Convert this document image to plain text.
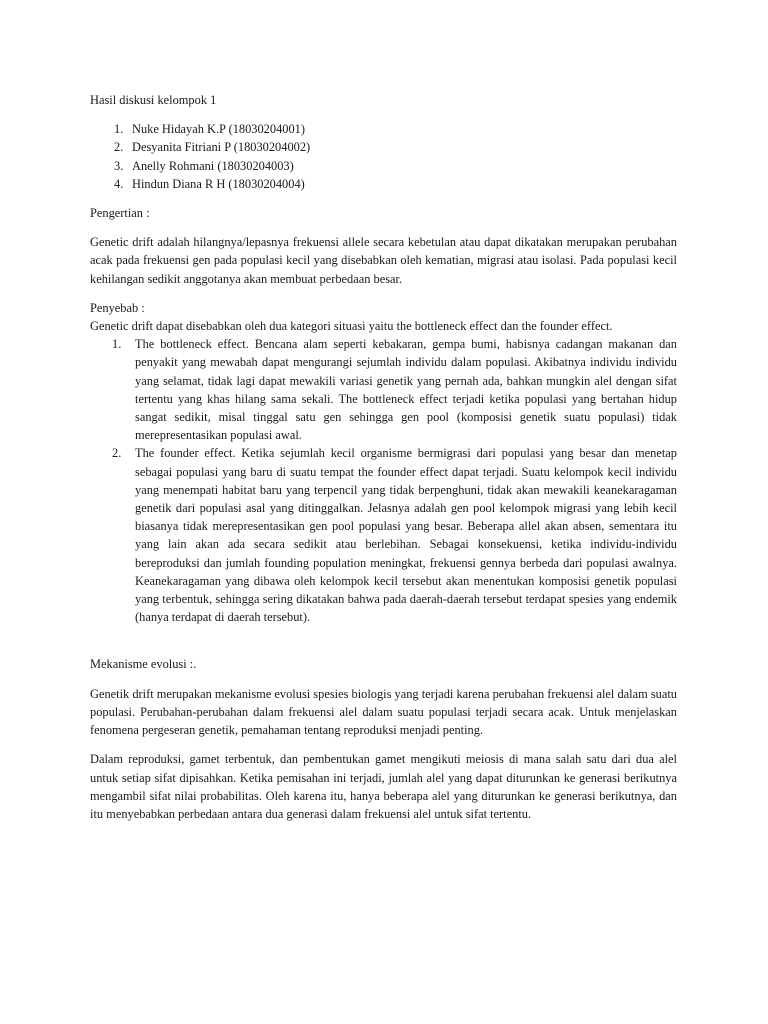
Hasil diskusi kelompok 1

1. Nuke Hidayah K.P (18030204001)
2. Desyanita Fitriani P (18030204002)
3. Anelly Rohmani (18030204003)
4. Hindun Diana R H (18030204004)

Pengertian :

Genetic drift adalah hilangnya/lepasnya frekuensi allele secara kebetulan atau dapat dikatakan merupakan perubahan acak pada frekuensi gen pada populasi kecil yang disebabkan oleh kematian, migrasi atau isolasi. Pada populasi kecil kehilangan sedikit anggotanya akan membuat perbedaan besar.

Penyebab :

Genetic drift dapat disebabkan oleh dua kategori situasi yaitu the bottleneck effect dan the founder effect.

1. The bottleneck effect. Bencana alam seperti kebakaran, gempa bumi, habisnya cadangan makanan dan penyakit yang mewabah dapat mengurangi sejumlah individu dalam populasi. Akibatnya individu individu yang selamat, tidak lagi dapat mewakili variasi genetik yang pernah ada, bahkan mungkin alel dengan sifat tertentu yang khas hilang sama sekali. The bottleneck effect terjadi ketika populasi yang bertahan hidup sangat sedikit, misal tinggal satu gen sehingga gen pool (komposisi genetik suatu populasi) tidak merepresentasikan populasi awal.
2. The founder effect. Ketika sejumlah kecil organisme bermigrasi dari populasi yang besar dan menetap sebagai populasi yang baru di suatu tempat the founder effect dapat terjadi. Suatu kelompok kecil individu yang menempati habitat baru yang terpencil yang tidak berpenghuni, tidak akan mewakili keanekaragaman genetik dari populasi asal yang ditinggalkan. Jelasnya adalah gen pool kelompok migrasi yang lebih kecil biasanya tidak merepresentasikan gen pool populasi yang besar. Beberapa allel akan absen, sementara itu yang lain akan ada secara sedikit atau berlebihan. Sebagai konsekuensi, ketika individu-individu bereproduksi dan jumlah founding population meningkat, frekuensi gennya berbeda dari populasi awalnya. Keanekaragaman yang dibawa oleh kelompok kecil tersebut akan menentukan komposisi genetik populasi yang terbentuk, sehingga sering dikatakan bahwa pada daerah-daerah tersebut terdapat spesies yang endemik (hanya terdapat di daerah tersebut).

Mekanisme evolusi :.

Genetik drift merupakan mekanisme evolusi spesies biologis yang terjadi karena perubahan frekuensi alel dalam suatu populasi. Perubahan-perubahan dalam frekuensi alel dalam suatu populasi terjadi secara acak. Untuk menjelaskan fenomena pergeseran genetik, pemahaman tentang reproduksi menjadi penting.

Dalam reproduksi, gamet terbentuk, dan pembentukan gamet mengikuti meiosis di mana salah satu dari dua alel untuk setiap sifat dipisahkan. Ketika pemisahan ini terjadi, jumlah alel yang dapat diturunkan ke generasi berikutnya mengambil sifat nilai probabilitas. Oleh karena itu, hanya beberapa alel yang diturunkan ke generasi berikutnya, dan itu menyebabkan perbedaan antara dua generasi dalam frekuensi alel untuk sifat tertentu.
